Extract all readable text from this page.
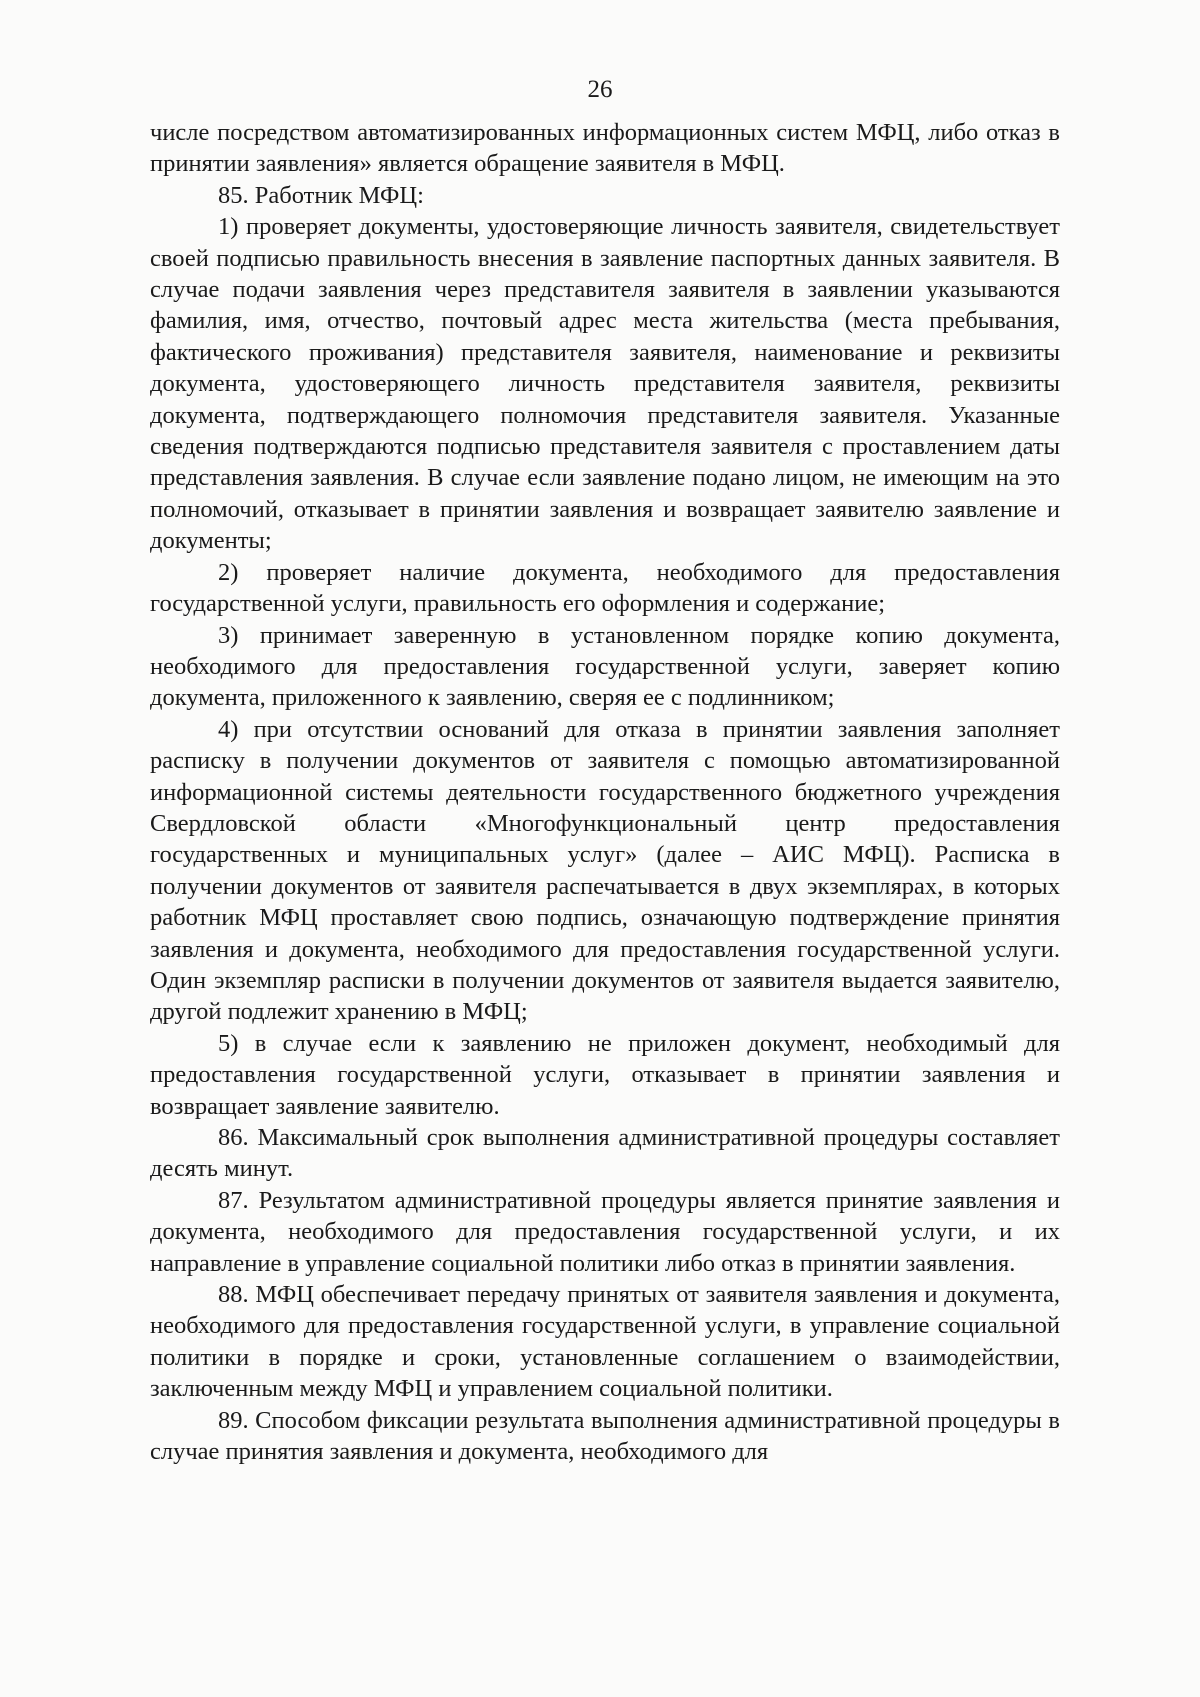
26

числе посредством автоматизированных информационных систем МФЦ, либо отказ в принятии заявления» является обращение заявителя в МФЦ.

85. Работник МФЦ:

1) проверяет документы, удостоверяющие личность заявителя, свидетельствует своей подписью правильность внесения в заявление паспортных данных заявителя. В случае подачи заявления через представителя заявителя в заявлении указываются фамилия, имя, отчество, почтовый адрес места жительства (места пребывания, фактического проживания) представителя заявителя, наименование и реквизиты документа, удостоверяющего личность представителя заявителя, реквизиты документа, подтверждающего полномочия представителя заявителя. Указанные сведения подтверждаются подписью представителя заявителя с проставлением даты представления заявления. В случае если заявление подано лицом, не имеющим на это полномочий, отказывает в принятии заявления и возвращает заявителю заявление и документы;

2) проверяет наличие документа, необходимого для предоставления государственной услуги, правильность его оформления и содержание;

3) принимает заверенную в установленном порядке копию документа, необходимого для предоставления государственной услуги, заверяет копию документа, приложенного к заявлению, сверяя ее с подлинником;

4) при отсутствии оснований для отказа в принятии заявления заполняет расписку в получении документов от заявителя с помощью автоматизированной информационной системы деятельности государственного бюджетного учреждения Свердловской области «Многофункциональный центр предоставления государственных и муниципальных услуг» (далее – АИС МФЦ). Расписка в получении документов от заявителя распечатывается в двух экземплярах, в которых работник МФЦ проставляет свою подпись, означающую подтверждение принятия заявления и документа, необходимого для предоставления государственной услуги. Один экземпляр расписки в получении документов от заявителя выдается заявителю, другой подлежит хранению в МФЦ;

5) в случае если к заявлению не приложен документ, необходимый для предоставления государственной услуги, отказывает в принятии заявления и возвращает заявление заявителю.

86. Максимальный срок выполнения административной процедуры составляет десять минут.

87. Результатом административной процедуры является принятие заявления и документа, необходимого для предоставления государственной услуги, и их направление в управление социальной политики либо отказ в принятии заявления.

88. МФЦ обеспечивает передачу принятых от заявителя заявления и документа, необходимого для предоставления государственной услуги, в управление социальной политики в порядке и сроки, установленные соглашением о взаимодействии, заключенным между МФЦ и управлением социальной политики.

89. Способом фиксации результата выполнения административной процедуры в случае принятия заявления и документа, необходимого для
